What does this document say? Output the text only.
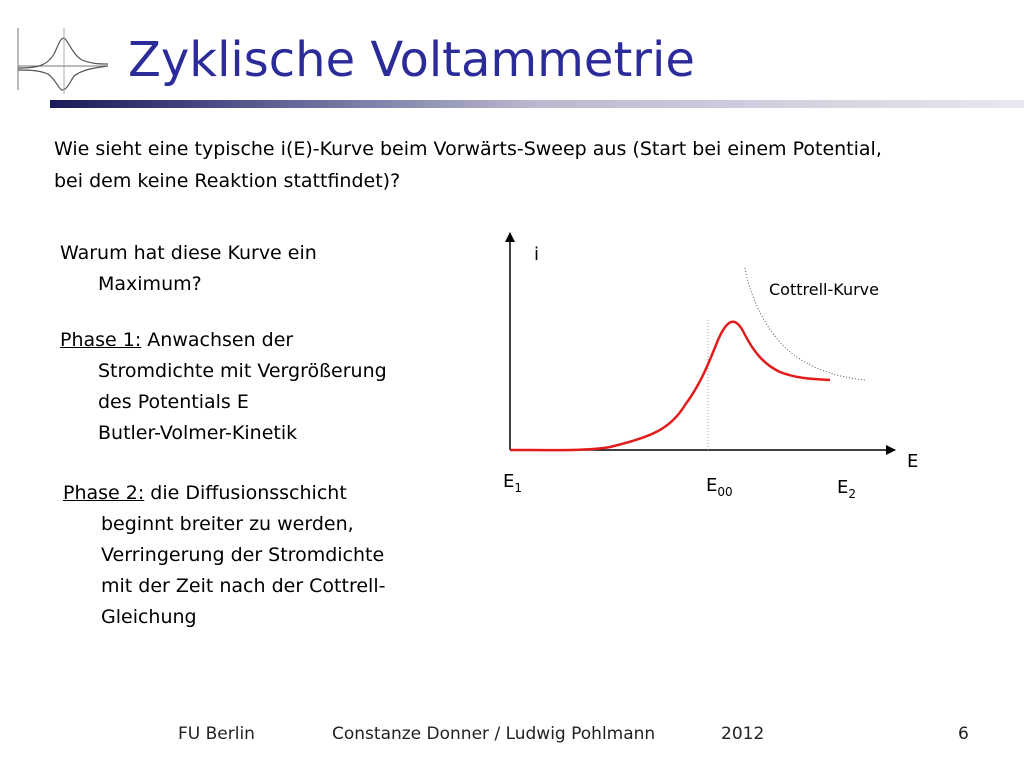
Zyklische Voltammetrie
Wie sieht eine typische i(E)-Kurve beim Vorwärts-Sweep aus (Start bei einem Potential, bei dem keine Reaktion stattfindet)?
Warum hat diese Kurve ein
Maximum?
Phase 1: Anwachsen der
Stromdichte mit Vergrößerung
des Potentials E
Butler-Volmer-Kinetik
Phase 2: die Diffusionsschicht
beginnt breiter zu werden,
Verringerung der Stromdichte
mit der Zeit nach der Cottrell-
Gleichung
i
E
Cottrell-Kurve
$E_1$	$E_{00}$	$E_2$
FU Berlin	Constanze Donner / Ludwig Pohlmann	2012	6
